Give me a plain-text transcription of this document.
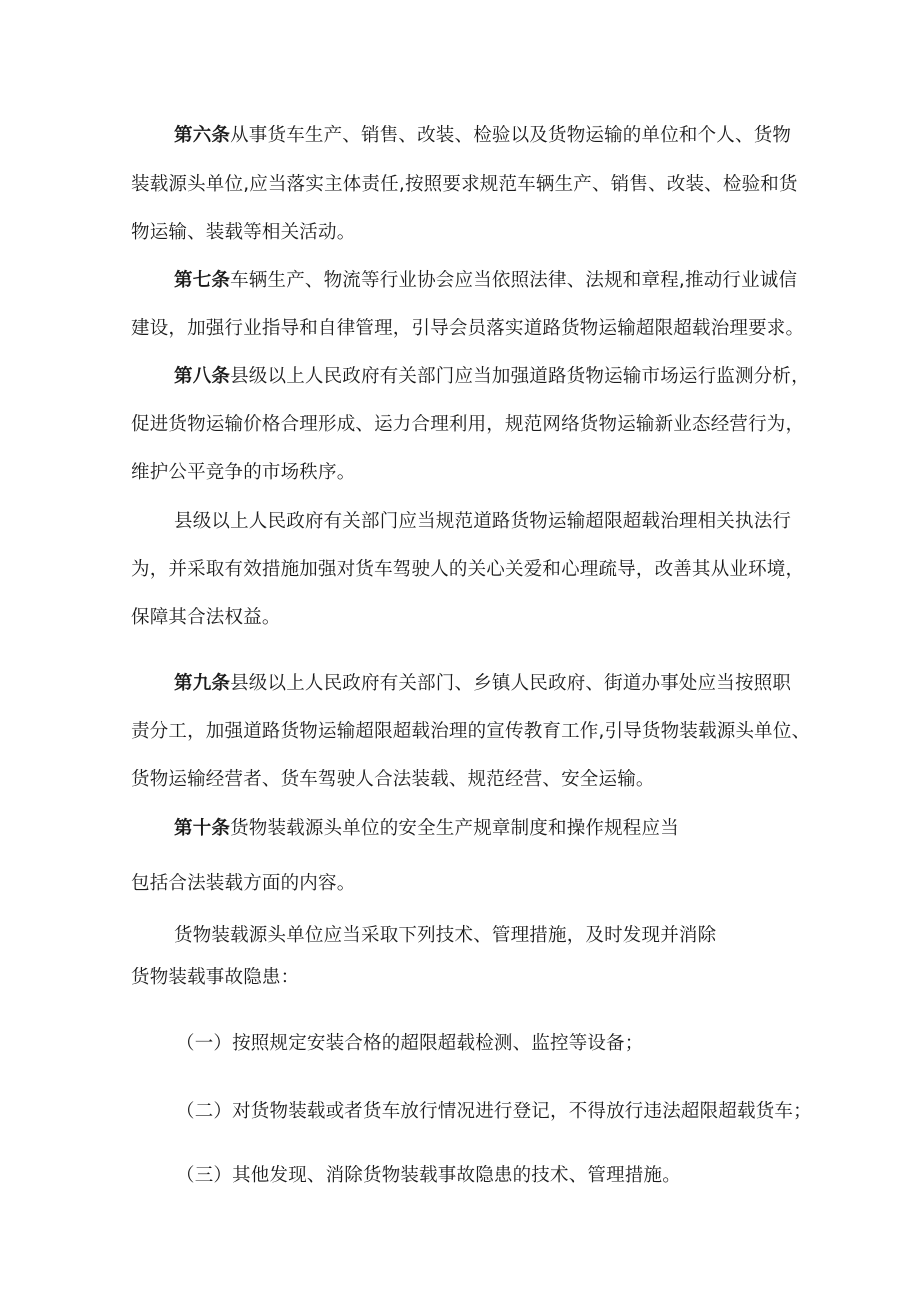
第六条从事货车生产、销售、改装、检验以及货物运输的单位和个人、货物
装载源头单位,应当落实主体责任,按照要求规范车辆生产、销售、改装、检验和货
物运输、装载等相关活动。
第七条车辆生产、物流等行业协会应当依照法律、法规和章程,推动行业诚信
建设，加强行业指导和自律管理，引导会员落实道路货物运输超限超载治理要求。
第八条县级以上人民政府有关部门应当加强道路货物运输市场运行监测分析，
促进货物运输价格合理形成、运力合理利用，规范网络货物运输新业态经营行为，
维护公平竞争的市场秩序。
县级以上人民政府有关部门应当规范道路货物运输超限超载治理相关执法行
为，并采取有效措施加强对货车驾驶人的关心关爱和心理疏导，改善其从业环境，
保障其合法权益。
第九条县级以上人民政府有关部门、乡镇人民政府、街道办事处应当按照职
责分工，加强道路货物运输超限超载治理的宣传教育工作,引导货物装载源头单位、
货物运输经营者、货车驾驶人合法装载、规范经营、安全运输。
第十条货物装载源头单位的安全生产规章制度和操作规程应当
包括合法装载方面的内容。
货物装载源头单位应当采取下列技术、管理措施，及时发现并消除
货物装载事故隐患：
（一）按照规定安装合格的超限超载检测、监控等设备；
（二）对货物装载或者货车放行情况进行登记，不得放行违法超限超载货车；
（三）其他发现、消除货物装载事故隐患的技术、管理措施。
